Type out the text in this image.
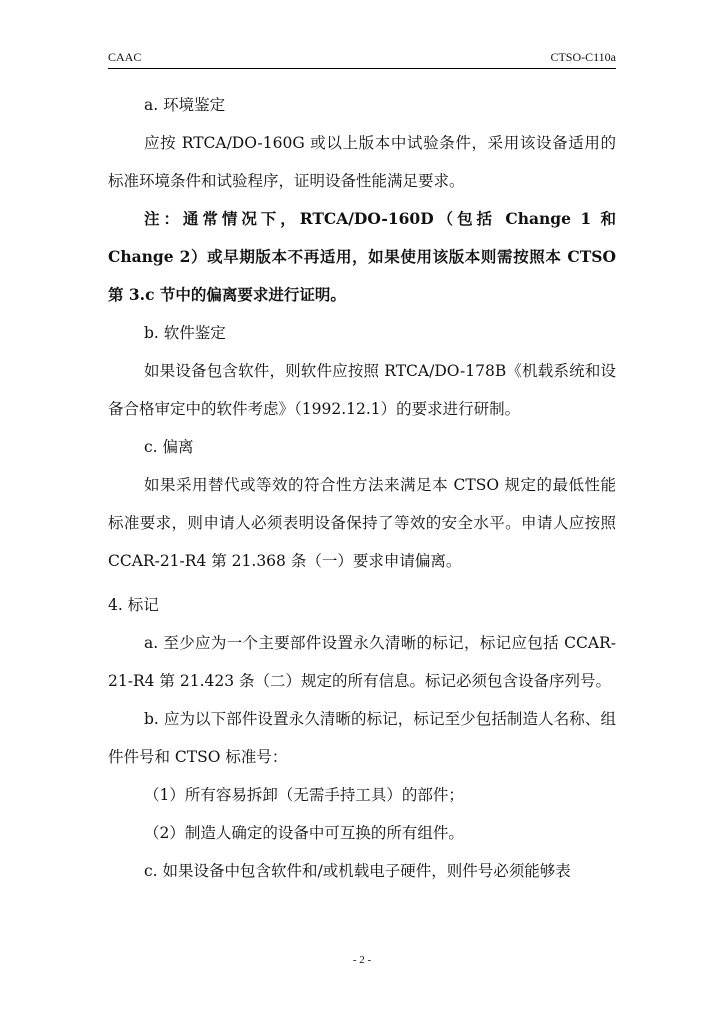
CAAC	CTSO-C110a

a. 环境鉴定

应按 RTCA/DO-160G 或以上版本中试验条件，采用该设备适用的标准环境条件和试验程序，证明设备性能满足要求。

注：通常情况下，RTCA/DO-160D（包括 Change 1 和 Change 2）或早期版本不再适用，如果使用该版本则需按照本 CTSO 第 3.c 节中的偏离要求进行证明。

b. 软件鉴定

如果设备包含软件，则软件应按照 RTCA/DO-178B《机载系统和设备合格审定中的软件考虑》（1992.12.1）的要求进行研制。

c. 偏离

如果采用替代或等效的符合性方法来满足本 CTSO 规定的最低性能标准要求，则申请人必须表明设备保持了等效的安全水平。申请人应按照 CCAR-21-R4 第 21.368 条（一）要求申请偏离。

4. 标记

a. 至少应为一个主要部件设置永久清晰的标记，标记应包括 CCAR-21-R4 第 21.423 条（二）规定的所有信息。标记必须包含设备序列号。

b. 应为以下部件设置永久清晰的标记，标记至少包括制造人名称、组件件号和 CTSO 标准号：

（1）所有容易拆卸（无需手持工具）的部件；

（2）制造人确定的设备中可互换的所有组件。

c. 如果设备中包含软件和/或机载电子硬件，则件号必须能够表

- 2 -
